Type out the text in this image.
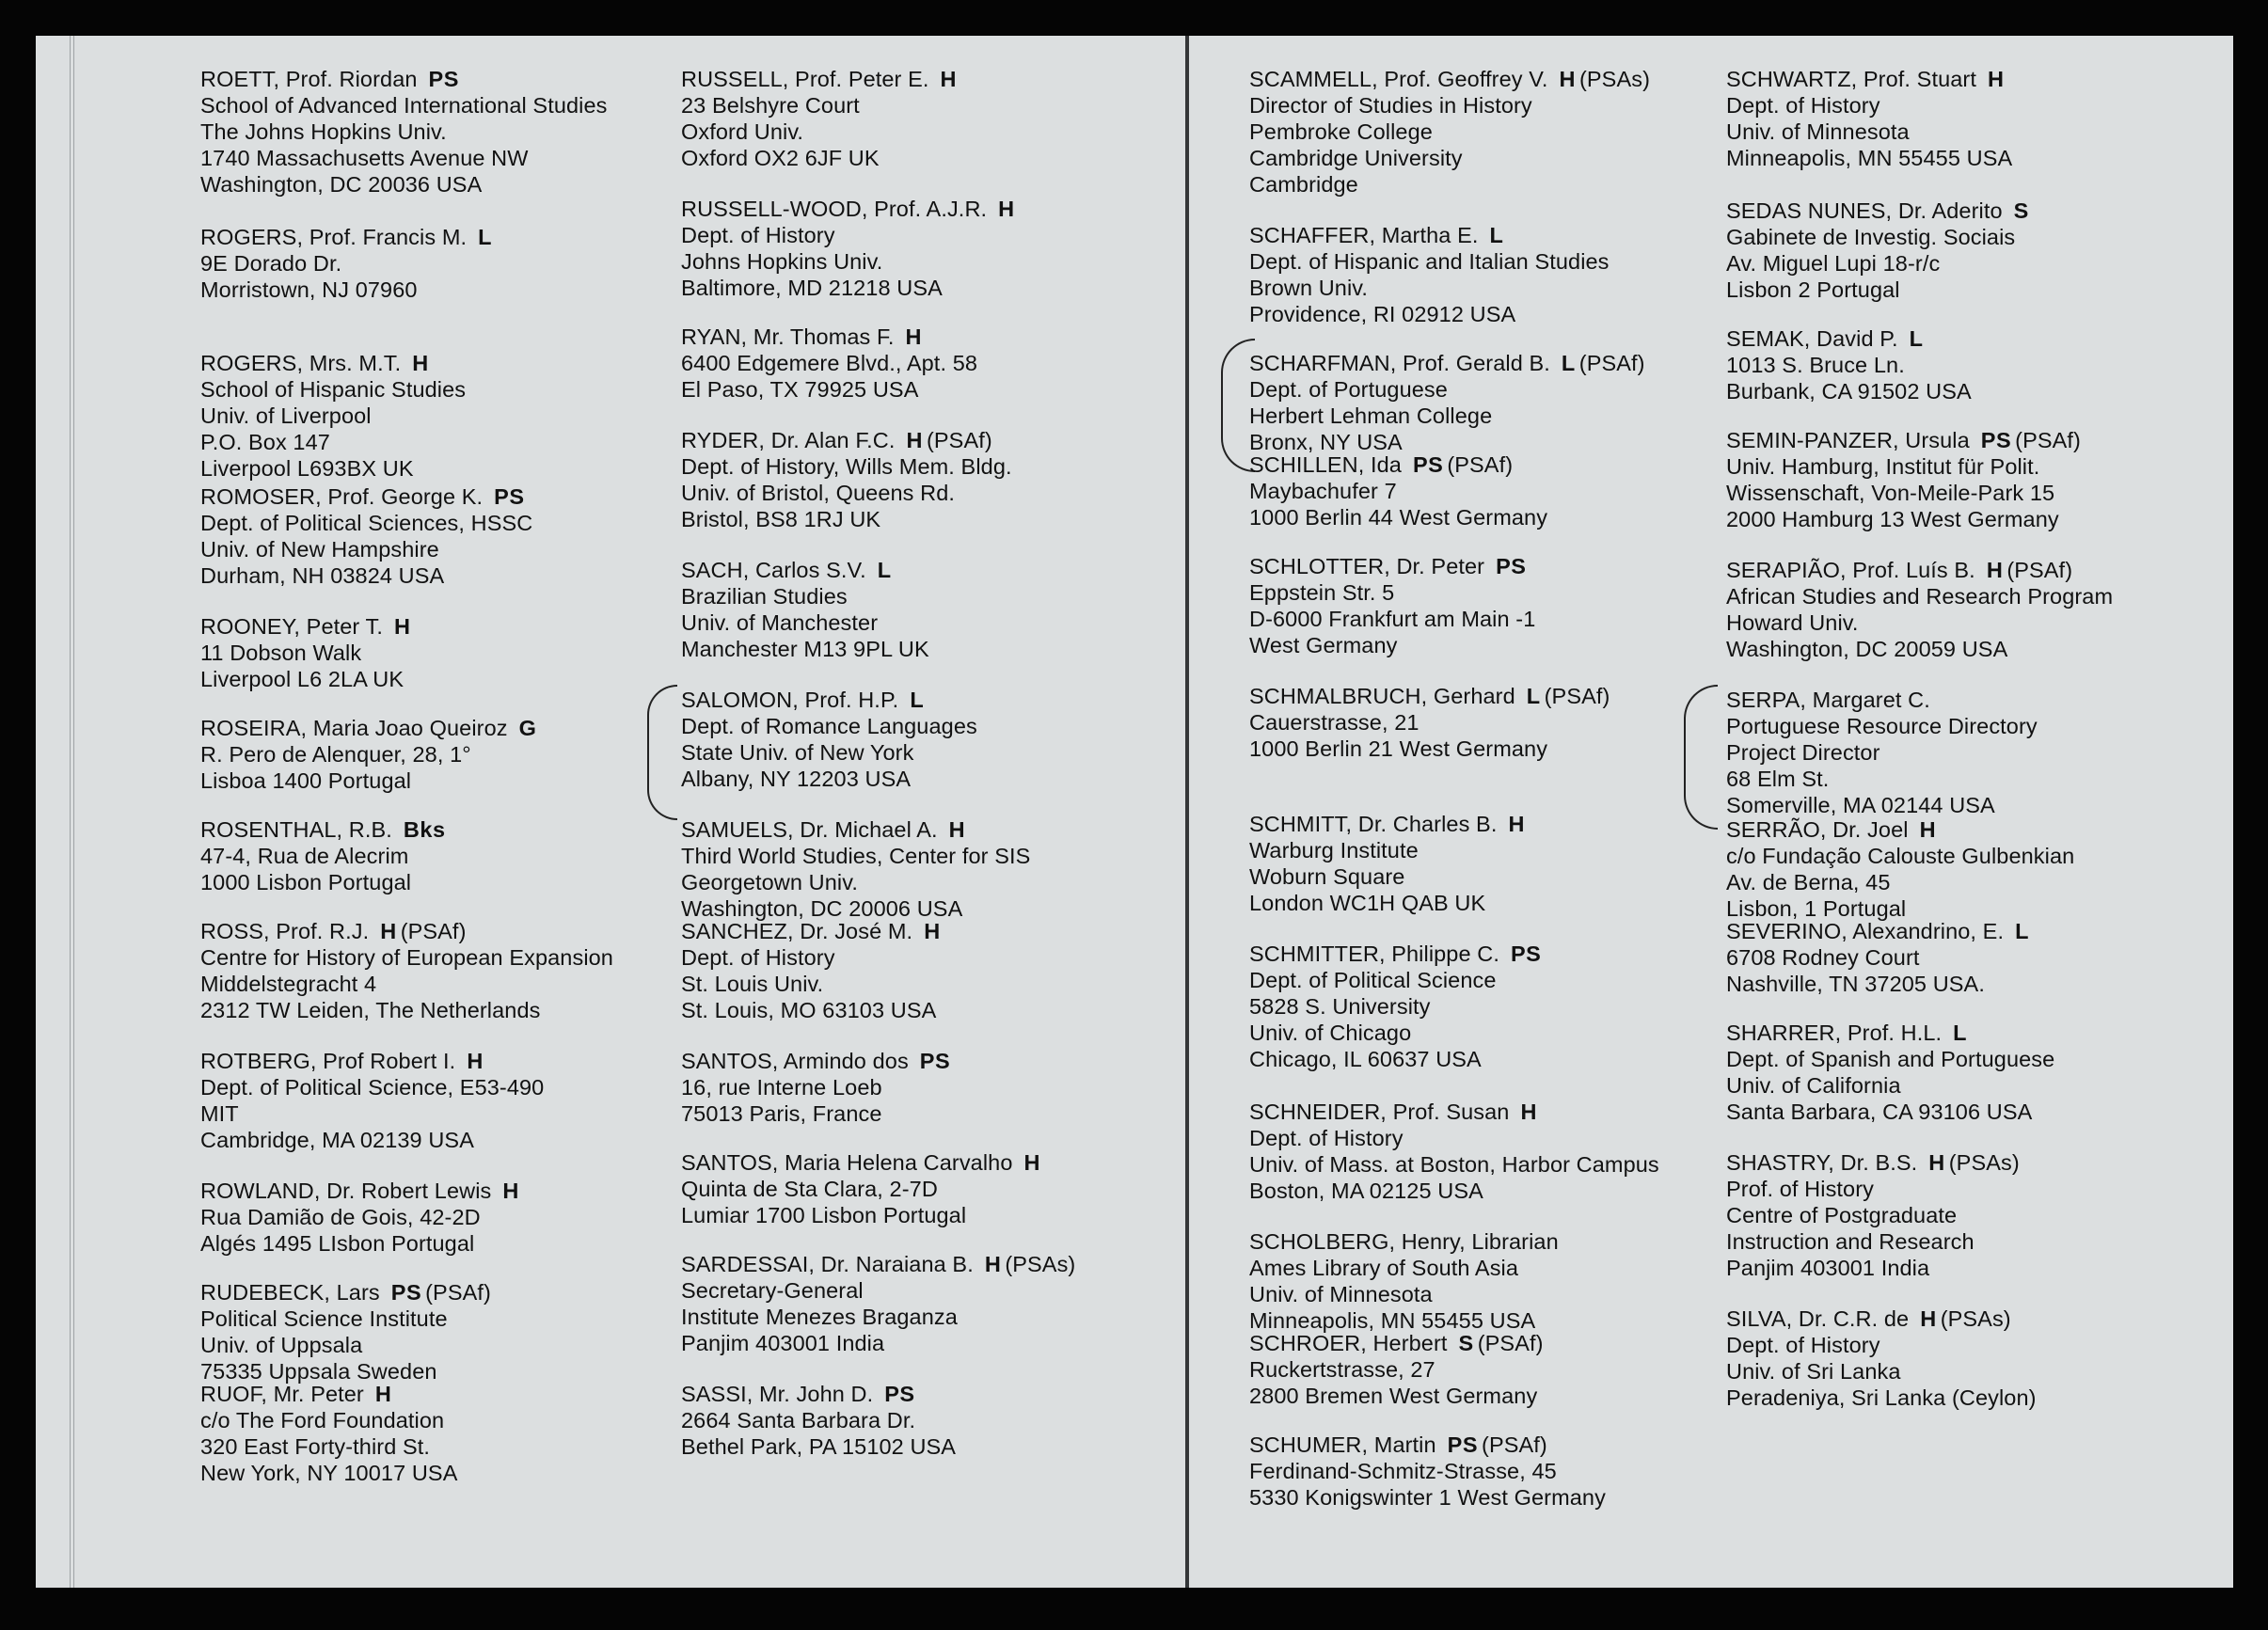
ROETT, Prof. Riordan PS
School of Advanced International Studies
The Johns Hopkins Univ.
1740 Massachusetts Avenue NW
Washington, DC 20036 USA
ROGERS, Prof. Francis M. L
9E Dorado Dr.
Morristown, NJ 07960
ROGERS, Mrs. M.T. H
School of Hispanic Studies
Univ. of Liverpool
P.O. Box 147
Liverpool L693BX UK
ROMOSER, Prof. George K. PS
Dept. of Political Sciences, HSSC
Univ. of New Hampshire
Durham, NH 03824 USA
ROONEY, Peter T. H
11 Dobson Walk
Liverpool L6 2LA UK
ROSEIRA, Maria Joao Queiroz G
R. Pero de Alenquer, 28, 1°
Lisboa 1400 Portugal
ROSENTHAL, R.B. Bks
47-4, Rua de Alecrim
1000 Lisbon Portugal
ROSS, Prof. R.J. H (PSAf)
Centre for History of European Expansion
Middelstegracht 4
2312 TW Leiden, The Netherlands
ROTBERG, Prof Robert I. H
Dept. of Political Science, E53-490
MIT
Cambridge, MA 02139 USA
ROWLAND, Dr. Robert Lewis H
Rua Damião de Gois, 42-2D
Algés 1495 LIsbon Portugal
RUDEBECK, Lars PS (PSAf)
Political Science Institute
Univ. of Uppsala
75335 Uppsala Sweden
RUOF, Mr. Peter H
c/o The Ford Foundation
320 East Forty-third St.
New York, NY 10017 USA
RUSSELL, Prof. Peter E. H
23 Belshyre Court
Oxford Univ.
Oxford OX2 6JF UK
RUSSELL-WOOD, Prof. A.J.R. H
Dept. of History
Johns Hopkins Univ.
Baltimore, MD 21218 USA
RYAN, Mr. Thomas F. H
6400 Edgemere Blvd., Apt. 58
El Paso, TX 79925 USA
RYDER, Dr. Alan F.C. H (PSAf)
Dept. of History, Wills Mem. Bldg.
Univ. of Bristol, Queens Rd.
Bristol, BS8 1RJ UK
SACH, Carlos S.V. L
Brazilian Studies
Univ. of Manchester
Manchester M13 9PL UK
SALOMON, Prof. H.P. L
Dept. of Romance Languages
State Univ. of New York
Albany, NY 12203 USA
SAMUELS, Dr. Michael A. H
Third World Studies, Center for SIS
Georgetown Univ.
Washington, DC 20006 USA
SANCHEZ, Dr. José M. H
Dept. of History
St. Louis Univ.
St. Louis, MO 63103 USA
SANTOS, Armindo dos PS
16, rue Interne Loeb
75013 Paris, France
SANTOS, Maria Helena Carvalho H
Quinta de Sta Clara, 2-7D
Lumiar 1700 Lisbon Portugal
SARDESSAI, Dr. Naraiana B. H (PSAs)
Secretary-General
Institute Menezes Braganza
Panjim 403001 India
SASSI, Mr. John D. PS
2664 Santa Barbara Dr.
Bethel Park, PA 15102 USA
SCAMMELL, Prof. Geoffrey V. H (PSAs)
Director of Studies in History
Pembroke College
Cambridge University
Cambridge
SCHAFFER, Martha E. L
Dept. of Hispanic and Italian Studies
Brown Univ.
Providence, RI 02912 USA
SCHARFMAN, Prof. Gerald B. L (PSAf)
Dept. of Portuguese
Herbert Lehman College
Bronx, NY USA
SCHILLEN, Ida PS (PSAf)
Maybachufer 7
1000 Berlin 44 West Germany
SCHLOTTER, Dr. Peter PS
Eppstein Str. 5
D-6000 Frankfurt am Main -1
West Germany
SCHMALBRUCH, Gerhard L (PSAf)
Cauerstrasse, 21
1000 Berlin 21 West Germany
SCHMITT, Dr. Charles B. H
Warburg Institute
Woburn Square
London WC1H QAB UK
SCHMITTER, Philippe C. PS
Dept. of Political Science
5828 S. University
Univ. of Chicago
Chicago, IL 60637 USA
SCHNEIDER, Prof. Susan H
Dept. of History
Univ. of Mass. at Boston, Harbor Campus
Boston, MA 02125 USA
SCHOLBERG, Henry, Librarian
Ames Library of South Asia
Univ. of Minnesota
Minneapolis, MN 55455 USA
SCHROER, Herbert S (PSAf)
Ruckertstrasse, 27
2800 Bremen West Germany
SCHUMER, Martin PS (PSAf)
Ferdinand-Schmitz-Strasse, 45
5330 Konigswinter 1 West Germany
SCHWARTZ, Prof. Stuart H
Dept. of History
Univ. of Minnesota
Minneapolis, MN 55455 USA
SEDAS NUNES, Dr. Aderito S
Gabinete de Investig. Sociais
Av. Miguel Lupi 18-r/c
Lisbon 2 Portugal
SEMAK, David P. L
1013 S. Bruce Ln.
Burbank, CA 91502 USA
SEMIN-PANZER, Ursula PS (PSAf)
Univ. Hamburg, Institut für Polit.
Wissenschaft, Von-Meile-Park 15
2000 Hamburg 13 West Germany
SERAPIÃO, Prof. Luís B. H (PSAf)
African Studies and Research Program
Howard Univ.
Washington, DC 20059 USA
SERPA, Margaret C.
Portuguese Resource Directory
Project Director
68 Elm St.
Somerville, MA 02144 USA
SERRÃO, Dr. Joel H
c/o Fundação Calouste Gulbenkian
Av. de Berna, 45
Lisbon, 1 Portugal
SEVERINO, Alexandrino, E. L
6708 Rodney Court
Nashville, TN 37205 USA.
SHARRER, Prof. H.L. L
Dept. of Spanish and Portuguese
Univ. of California
Santa Barbara, CA 93106 USA
SHASTRY, Dr. B.S. H (PSAs)
Prof. of History
Centre of Postgraduate
Instruction and Research
Panjim 403001 India
SILVA, Dr. C.R. de H (PSAs)
Dept. of History
Univ. of Sri Lanka
Peradeniya, Sri Lanka (Ceylon)
